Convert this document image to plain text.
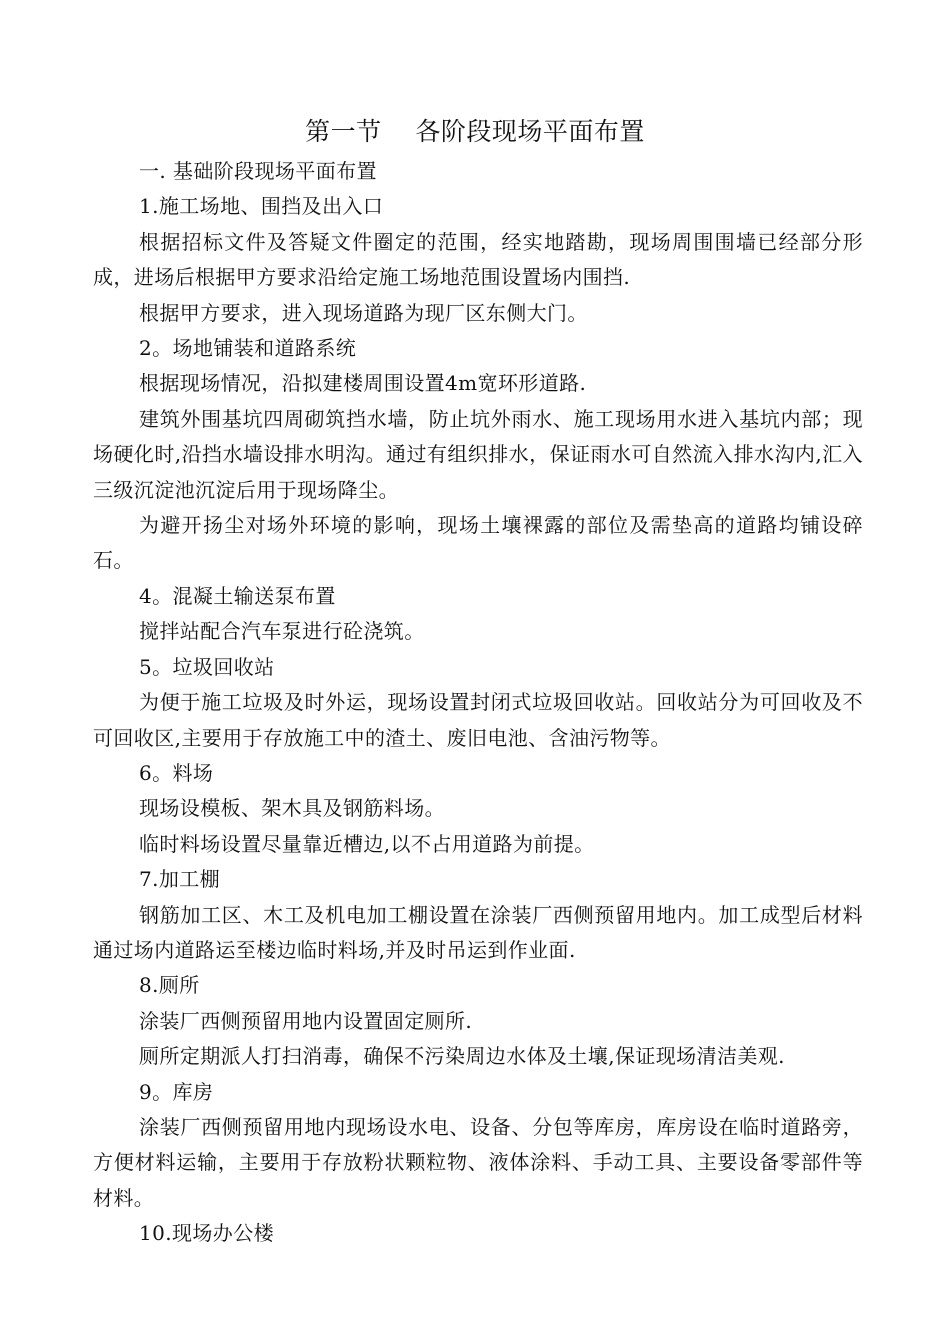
第一节    各阶段现场平面布置

一. 基础阶段现场平面布置

1.施工场地、围挡及出入口

根据招标文件及答疑文件圈定的范围，经实地踏勘，现场周围围墙已经部分形成，进场后根据甲方要求沿给定施工场地范围设置场内围挡.

根据甲方要求，进入现场道路为现厂区东侧大门。

2。场地铺装和道路系统

根据现场情况，沿拟建楼周围设置4m宽环形道路.

建筑外围基坑四周砌筑挡水墙，防止坑外雨水、施工现场用水进入基坑内部；现场硬化时,沿挡水墙设排水明沟。通过有组织排水，保证雨水可自然流入排水沟内,汇入三级沉淀池沉淀后用于现场降尘。

为避开扬尘对场外环境的影响，现场土壤裸露的部位及需垫高的道路均铺设碎石。

4。混凝土输送泵布置

搅拌站配合汽车泵进行砼浇筑。

5。垃圾回收站

为便于施工垃圾及时外运，现场设置封闭式垃圾回收站。回收站分为可回收及不可回收区,主要用于存放施工中的渣土、废旧电池、含油污物等。

6。料场

现场设模板、架木具及钢筋料场。

临时料场设置尽量靠近槽边,以不占用道路为前提。

7.加工棚

钢筋加工区、木工及机电加工棚设置在涂装厂西侧预留用地内。加工成型后材料通过场内道路运至楼边临时料场,并及时吊运到作业面.

8.厕所

涂装厂西侧预留用地内设置固定厕所.

厕所定期派人打扫消毒，确保不污染周边水体及土壤,保证现场清洁美观.

9。库房

涂装厂西侧预留用地内现场设水电、设备、分包等库房，库房设在临时道路旁，方便材料运输，主要用于存放粉状颗粒物、液体涂料、手动工具、主要设备零部件等材料。

10.现场办公楼
